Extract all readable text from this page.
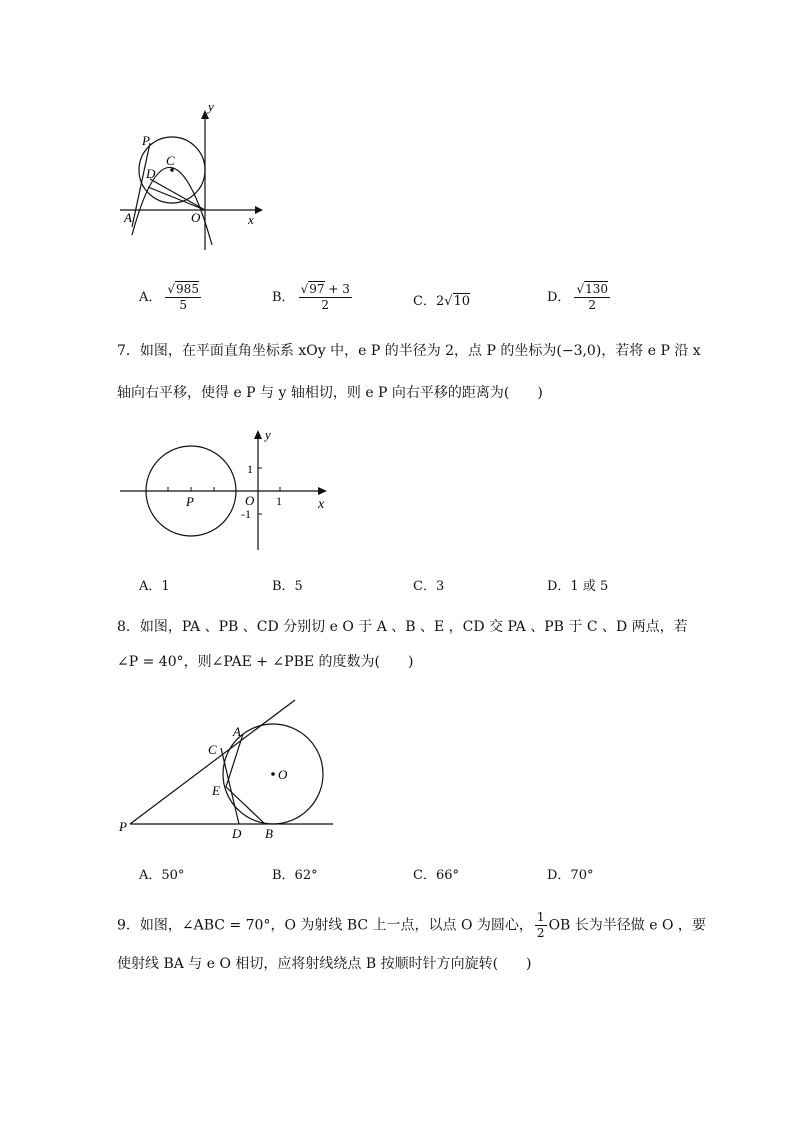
y
x
P
C
D
A	O
A． $\frac{√985}{5}$	B． $\frac{√97 + 3}{2}$	C．2√10	D． $\frac{√130}{2}$
7．如图，在平面直角坐标系 xOy 中，e P 的半径为 2，点 P 的坐标为(−3,0)，若将 e P 沿 x
轴向右平移，使得 e P 与 y 轴相切，则 e P 向右平移的距离为(　　)
y
x
O
P
1
1
-1
A．1	B．5	C．3	D．1 或 5
8．如图，PA 、PB 、CD 分别切 e O 于 A 、B 、E ，CD 交 PA 、PB 于 C 、D 两点，若
∠P = 40°，则∠PAE + ∠PBE 的度数为(　　)
A
C
O
E
P	D B
A．50°	B．62°	C．66°	D．70°
9．如图，∠ABC = 70°，O 为射线 BC 上一点，以点 O 为圆心， $\frac{1}{2}$ OB 长为半径做 e O ，要
使射线 BA 与 e O 相切，应将射线绕点 B 按顺时针方向旋转(　　)
